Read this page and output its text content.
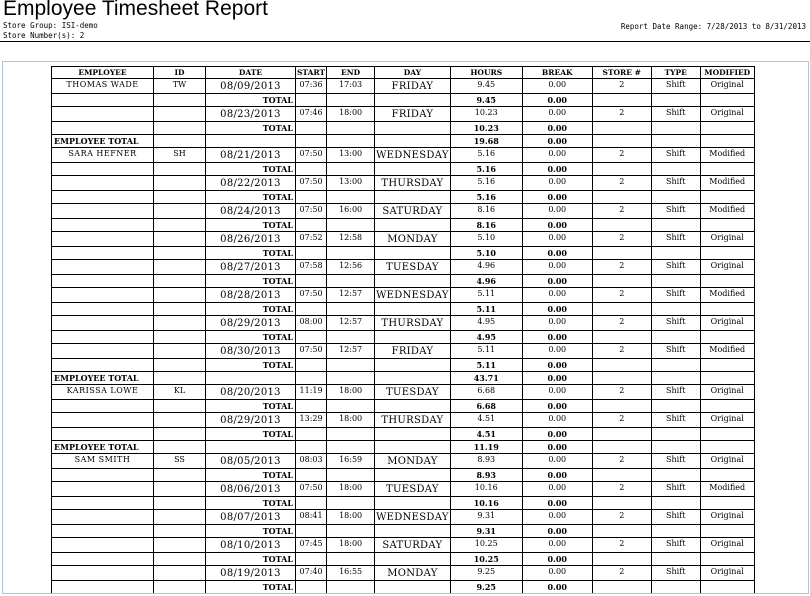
Employee Timesheet Report
Store Group: ISI-demo
Store Number(s): 2
Report Date Range: 7/28/2013 to 8/31/2013
EMPLOYEE	ID	DATE	START	END	DAY	HOURS	BREAK	STORE #	TYPE	MODIFIED
THOMAS WADE	TW	08/09/2013	07:36	17:03	FRIDAY	9.45	0.00	2	Shift	Original
		TOTAL				9.45	0.00			
		08/23/2013	07:46	18:00	FRIDAY	10.23	0.00	2	Shift	Original
		TOTAL				10.23	0.00			
EMPLOYEE TOTAL						19.68	0.00			
SARA HEFNER	SH	08/21/2013	07:50	13:00	WEDNESDAY	5.16	0.00	2	Shift	Modified
		TOTAL				5.16	0.00			
		08/22/2013	07:50	13:00	THURSDAY	5.16	0.00	2	Shift	Modified
		TOTAL				5.16	0.00			
		08/24/2013	07:50	16:00	SATURDAY	8.16	0.00	2	Shift	Modified
		TOTAL				8.16	0.00			
		08/26/2013	07:52	12:58	MONDAY	5.10	0.00	2	Shift	Original
		TOTAL				5.10	0.00			
		08/27/2013	07:58	12:56	TUESDAY	4.96	0.00	2	Shift	Original
		TOTAL				4.96	0.00			
		08/28/2013	07:50	12:57	WEDNESDAY	5.11	0.00	2	Shift	Modified
		TOTAL				5.11	0.00			
		08/29/2013	08:00	12:57	THURSDAY	4.95	0.00	2	Shift	Original
		TOTAL				4.95	0.00			
		08/30/2013	07:50	12:57	FRIDAY	5.11	0.00	2	Shift	Modified
		TOTAL				5.11	0.00			
EMPLOYEE TOTAL						43.71	0.00			
KARISSA LOWE	KL	08/20/2013	11:19	18:00	TUESDAY	6.68	0.00	2	Shift	Original
		TOTAL				6.68	0.00			
		08/29/2013	13:29	18:00	THURSDAY	4.51	0.00	2	Shift	Original
		TOTAL				4.51	0.00			
EMPLOYEE TOTAL						11.19	0.00			
SAM SMITH	SS	08/05/2013	08:03	16:59	MONDAY	8.93	0.00	2	Shift	Original
		TOTAL				8.93	0.00			
		08/06/2013	07:50	18:00	TUESDAY	10.16	0.00	2	Shift	Modified
		TOTAL				10.16	0.00			
		08/07/2013	08:41	18:00	WEDNESDAY	9.31	0.00	2	Shift	Original
		TOTAL				9.31	0.00			
		08/10/2013	07:45	18:00	SATURDAY	10.25	0.00	2	Shift	Original
		TOTAL				10.25	0.00			
		08/19/2013	07:40	16:55	MONDAY	9.25	0.00	2	Shift	Original
		TOTAL				9.25	0.00			
